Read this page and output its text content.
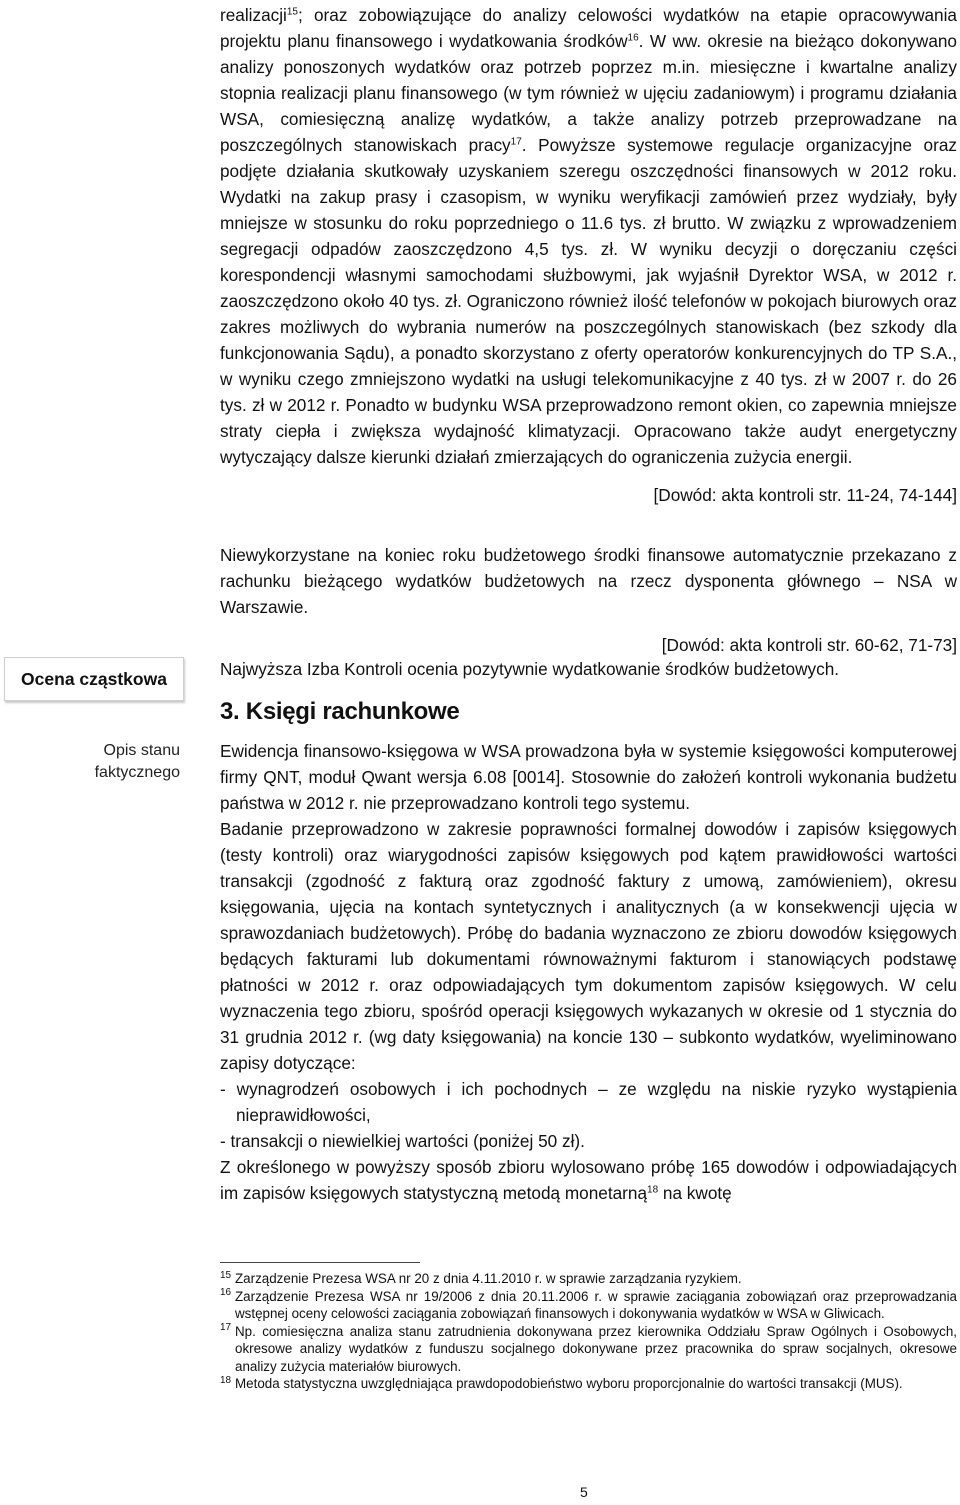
Ocena cząstkowa
Opis stanu
faktycznego

realizacji$^{15}$; oraz zobowiązujące do analizy celowości wydatków na etapie opracowywania projektu planu finansowego i wydatkowania środków$^{16}$. W ww. okresie na bieżąco dokonywano analizy ponoszonych wydatków oraz potrzeb poprzez m.in. miesięczne i kwartalne analizy stopnia realizacji planu finansowego (w tym również w ujęciu zadaniowym) i programu działania WSA, comiesięczną analizę wydatków, a także analizy potrzeb przeprowadzane na poszczególnych stanowiskach pracy$^{17}$. Powyższe systemowe regulacje organizacyjne oraz podjęte działania skutkowały uzyskaniem szeregu oszczędności finansowych w 2012 roku. Wydatki na zakup prasy i czasopism, w wyniku weryfikacji zamówień przez wydziały, były mniejsze w stosunku do roku poprzedniego o 11.6 tys. zł brutto. W związku z wprowadzeniem segregacji odpadów zaoszczędzono 4,5 tys. zł. W wyniku decyzji o doręczaniu części korespondencji własnymi samochodami służbowymi, jak wyjaśnił Dyrektor WSA, w 2012 r. zaoszczędzono około 40 tys. zł. Ograniczono również ilość telefonów w pokojach biurowych oraz zakres możliwych do wybrania numerów na poszczególnych stanowiskach (bez szkody dla funkcjonowania Sądu), a ponadto skorzystano z oferty operatorów konkurencyjnych do TP S.A., w wyniku czego zmniejszono wydatki na usługi telekomunikacyjne z 40 tys. zł w 2007 r. do 26 tys. zł w 2012 r. Ponadto w budynku WSA przeprowadzono remont okien, co zapewnia mniejsze straty ciepła i zwiększa wydajność klimatyzacji. Opracowano także audyt energetyczny wytyczający dalsze kierunki działań zmierzających do ograniczenia zużycia energii.

[Dowód: akta kontroli str. 11-24, 74-144]

Niewykorzystane na koniec roku budżetowego środki finansowe automatycznie przekazano z rachunku bieżącego wydatków budżetowych na rzecz dysponenta głównego – NSA w Warszawie.

[Dowód: akta kontroli str. 60-62, 71-73]

Najwyższa Izba Kontroli ocenia pozytywnie wydatkowanie środków budżetowych.

3. Księgi rachunkowe

Ewidencja finansowo-księgowa w WSA prowadzona była w systemie księgowości komputerowej firmy QNT, moduł Qwant wersja 6.08 [0014]. Stosownie do założeń kontroli wykonania budżetu państwa w 2012 r. nie przeprowadzano kontroli tego systemu.

Badanie przeprowadzono w zakresie poprawności formalnej dowodów i zapisów księgowych (testy kontroli) oraz wiarygodności zapisów księgowych pod kątem prawidłowości wartości transakcji (zgodność z fakturą oraz zgodność faktury z umową, zamówieniem), okresu księgowania, ujęcia na kontach syntetycznych i analitycznych (a w konsekwencji ujęcia w sprawozdaniach budżetowych). Próbę do badania wyznaczono ze zbioru dowodów księgowych będących fakturami lub dokumentami równoważnymi fakturom i stanowiących podstawę płatności w 2012 r. oraz odpowiadających tym dokumentom zapisów księgowych. W celu wyznaczenia tego zbioru, spośród operacji księgowych wykazanych w okresie od 1 stycznia do 31 grudnia 2012 r. (wg daty księgowania) na koncie 130 – subkonto wydatków, wyeliminowano zapisy dotyczące:

- wynagrodzeń osobowych i ich pochodnych – ze względu na niskie ryzyko wystąpienia nieprawidłowości,

- transakcji o niewielkiej wartości (poniżej 50 zł).

Z określonego w powyższy sposób zbioru wylosowano próbę 165 dowodów i odpowiadających im zapisów księgowych statystyczną metodą monetarną$^{18}$ na kwotę

$^{15}$ Zarządzenie Prezesa WSA nr 20 z dnia 4.11.2010 r. w sprawie zarządzania ryzykiem.

$^{16}$ Zarządzenie Prezesa WSA nr 19/2006 z dnia 20.11.2006 r. w sprawie zaciągania zobowiązań oraz przeprowadzania wstępnej oceny celowości zaciągania zobowiązań finansowych i dokonywania wydatków w WSA w Gliwicach.

$^{17}$ Np. comiesięczna analiza stanu zatrudnienia dokonywana przez kierownika Oddziału Spraw Ogólnych i Osobowych, okresowe analizy wydatków z funduszu socjalnego dokonywane przez pracownika do spraw socjalnych, okresowe analizy zużycia materiałów biurowych.

$^{18}$ Metoda statystyczna uwzględniająca prawdopodobieństwo wyboru proporcjonalnie do wartości transakcji (MUS).

5
